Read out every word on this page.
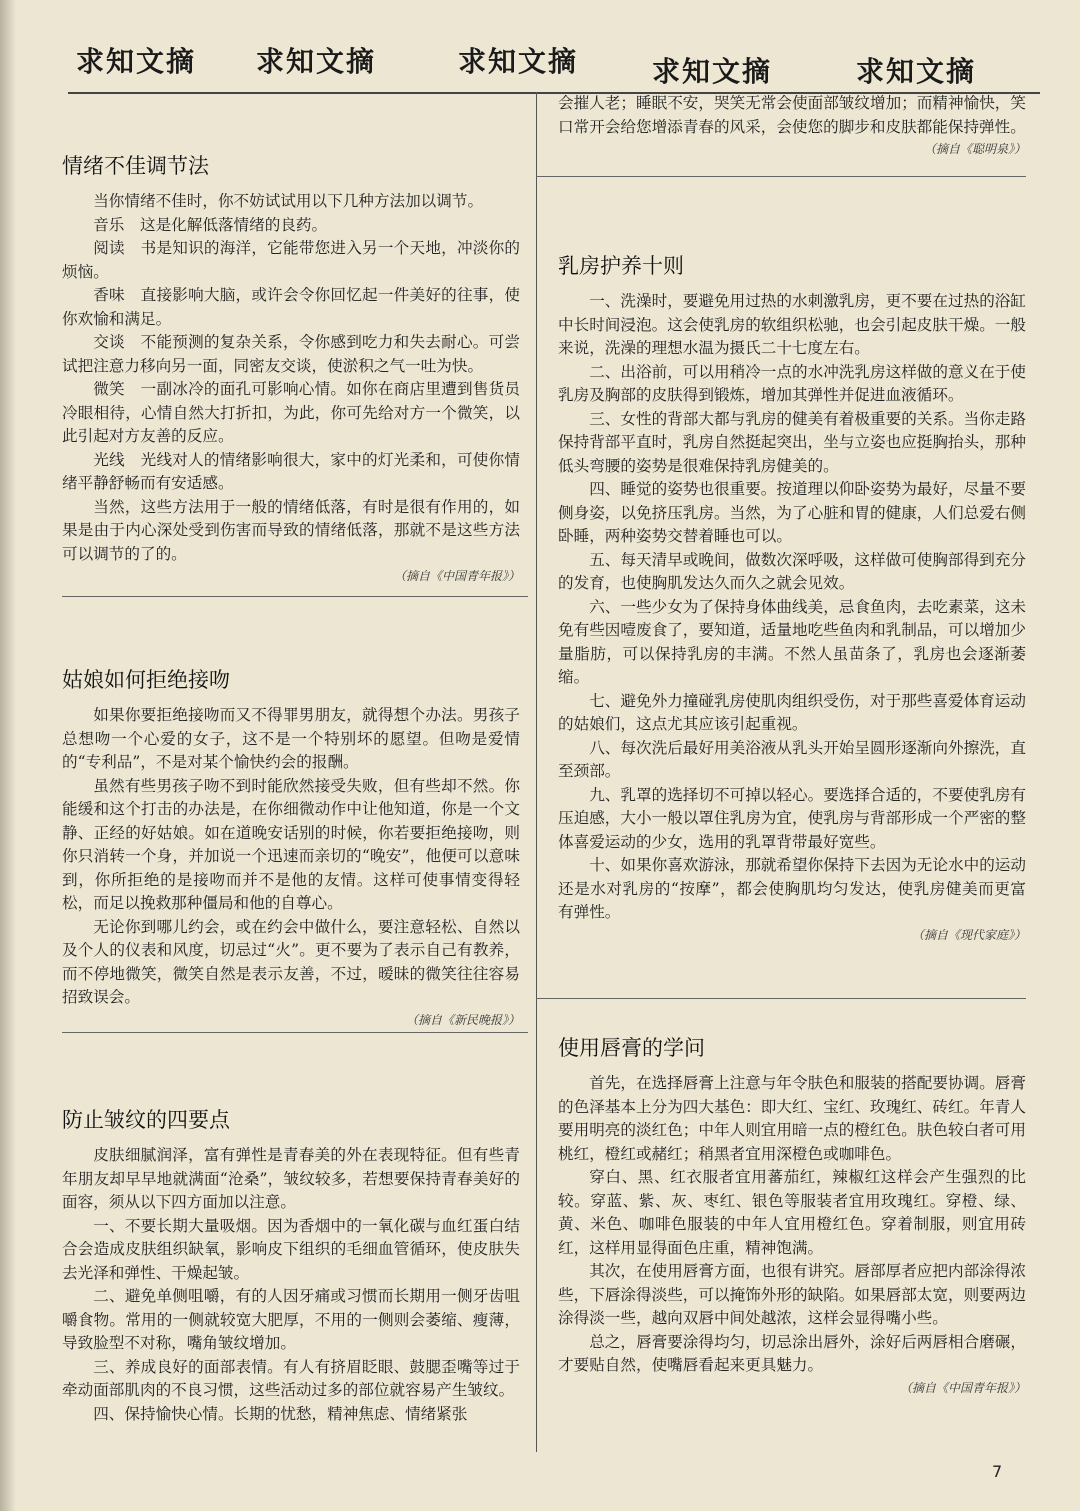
求知文摘 求知文摘	求知文摘	求知文摘	求知文摘
情绪不佳调节法

当你情绪不佳时，你不妨试试用以下几种方法加以调节。

音乐　这是化解低落情绪的良药。

阅读　书是知识的海洋，它能带您进入另一个天地，冲淡你的烦恼。

香味　直接影响大脑，或许会令你回忆起一件美好的往事，使你欢愉和满足。

交谈　不能预测的复杂关系，令你感到吃力和失去耐心。可尝试把注意力移向另一面，同密友交谈，使淤积之气一吐为快。

微笑　一副冰冷的面孔可影响心情。如你在商店里遭到售货员冷眼相待，心情自然大打折扣，为此，你可先给对方一个微笑，以此引起对方友善的反应。

光线　光线对人的情绪影响很大，家中的灯光柔和，可使你情绪平静舒畅而有安适感。

当然，这些方法用于一般的情绪低落，有时是很有作用的，如果是由于内心深处受到伤害而导致的情绪低落，那就不是这些方法可以调节的了的。

（摘自《中国青年报》）
姑娘如何拒绝接吻

如果你要拒绝接吻而又不得罪男朋友，就得想个办法。男孩子总想吻一个心爱的女子，这不是一个特别坏的愿望。但吻是爱情的“专利品”，不是对某个愉快约会的报酬。

虽然有些男孩子吻不到时能欣然接受失败，但有些却不然。你能缓和这个打击的办法是，在你细微动作中让他知道，你是一个文静、正经的好姑娘。如在道晚安话别的时候，你若要拒绝接吻，则你只消转一个身，并加说一个迅速而亲切的“晚安”，他便可以意味到，你所拒绝的是接吻而并不是他的友情。这样可使事情变得轻松，而足以挽救那种僵局和他的自尊心。

无论你到哪儿约会，或在约会中做什么，要注意轻松、自然以及个人的仪表和风度，切忌过“火”。更不要为了表示自己有教养，而不停地微笑，微笑自然是表示友善，不过，暧昧的微笑往往容易招致误会。

（摘自《新民晚报》）
防止皱纹的四要点

皮肤细腻润泽，富有弹性是青春美的外在表现特征。但有些青年朋友却早早地就满面“沧桑”，皱纹较多，若想要保持青春美好的面容，须从以下四方面加以注意。

一、不要长期大量吸烟。因为香烟中的一氧化碳与血红蛋白结合会造成皮肤组织缺氧，影响皮下组织的毛细血管循环，使皮肤失去光泽和弹性、干燥起皱。

二、避免单侧咀嚼，有的人因牙痛或习惯而长期用一侧牙齿咀嚼食物。常用的一侧就较宽大肥厚，不用的一侧则会萎缩、瘦薄，导致脸型不对称，嘴角皱纹增加。

三、养成良好的面部表情。有人有挤眉眨眼、鼓腮歪嘴等过于牵动面部肌肉的不良习惯，这些活动过多的部位就容易产生皱纹。

四、保持愉快心情。长期的忧愁，精神焦虑、情绪紧张

会摧人老；睡眠不安，哭笑无常会使面部皱纹增加；而精神愉快，笑口常开会给您增添青春的风采，会使您的脚步和皮肤都能保持弹性。

（摘自《聪明泉》）
乳房护养十则

一、洗澡时，要避免用过热的水刺激乳房，更不要在过热的浴缸中长时间浸泡。这会使乳房的软组织松驰，也会引起皮肤干燥。一般来说，洗澡的理想水温为摄氏二十七度左右。

二、出浴前，可以用稍冷一点的水冲洗乳房这样做的意义在于使乳房及胸部的皮肤得到锻炼，增加其弹性并促进血液循环。

三、女性的背部大都与乳房的健美有着极重要的关系。当你走路保持背部平直时，乳房自然挺起突出，坐与立姿也应挺胸抬头，那种低头弯腰的姿势是很难保持乳房健美的。

四、睡觉的姿势也很重要。按道理以仰卧姿势为最好，尽量不要侧身姿，以免挤压乳房。当然，为了心脏和胃的健康，人们总爱右侧卧睡，两种姿势交替着睡也可以。

五、每天清早或晚间，做数次深呼吸，这样做可使胸部得到充分的发育，也使胸肌发达久而久之就会见效。

六、一些少女为了保持身体曲线美，忌食鱼肉，去吃素菜，这未免有些因噎废食了，要知道，适量地吃些鱼肉和乳制品，可以增加少量脂肪，可以保持乳房的丰满。不然人虽苗条了，乳房也会逐渐萎缩。

七、避免外力撞碰乳房使肌肉组织受伤，对于那些喜爱体育运动的姑娘们，这点尤其应该引起重视。

八、每次洗后最好用美浴液从乳头开始呈圆形逐渐向外擦洗，直至颈部。

九、乳罩的选择切不可掉以轻心。要选择合适的，不要使乳房有压迫感，大小一般以罩住乳房为宜，使乳房与背部形成一个严密的整体喜爱运动的少女，选用的乳罩背带最好宽些。

十、如果你喜欢游泳，那就希望你保持下去因为无论水中的运动还是水对乳房的“按摩”，都会使胸肌均匀发达，使乳房健美而更富有弹性。

（摘自《现代家庭》）
使用唇膏的学问

首先，在选择唇膏上注意与年令肤色和服装的搭配要协调。唇膏的色泽基本上分为四大基色：即大红、宝红、玫瑰红、砖红。年青人要用明亮的淡红色；中年人则宜用暗一点的橙红色。肤色较白者可用桃红，橙红或赭红；稍黑者宜用深橙色或咖啡色。

穿白、黑、红衣服者宜用蕃茄红，辣椒红这样会产生强烈的比较。穿蓝、紫、灰、枣红、银色等服装者宜用玫瑰红。穿橙、绿、黄、米色、咖啡色服装的中年人宜用橙红色。穿着制服，则宜用砖红，这样用显得面色庄重，精神饱满。

其次，在使用唇膏方面，也很有讲究。唇部厚者应把内部涂得浓些，下唇涂得淡些，可以掩饰外形的缺陷。如果唇部太宽，则要两边涂得淡一些，越向双唇中间处越浓，这样会显得嘴小些。

总之，唇膏要涂得均匀，切忌涂出唇外，涂好后两唇相合磨碾，才要贴自然，使嘴唇看起来更具魅力。

（摘自《中国青年报》）
7
